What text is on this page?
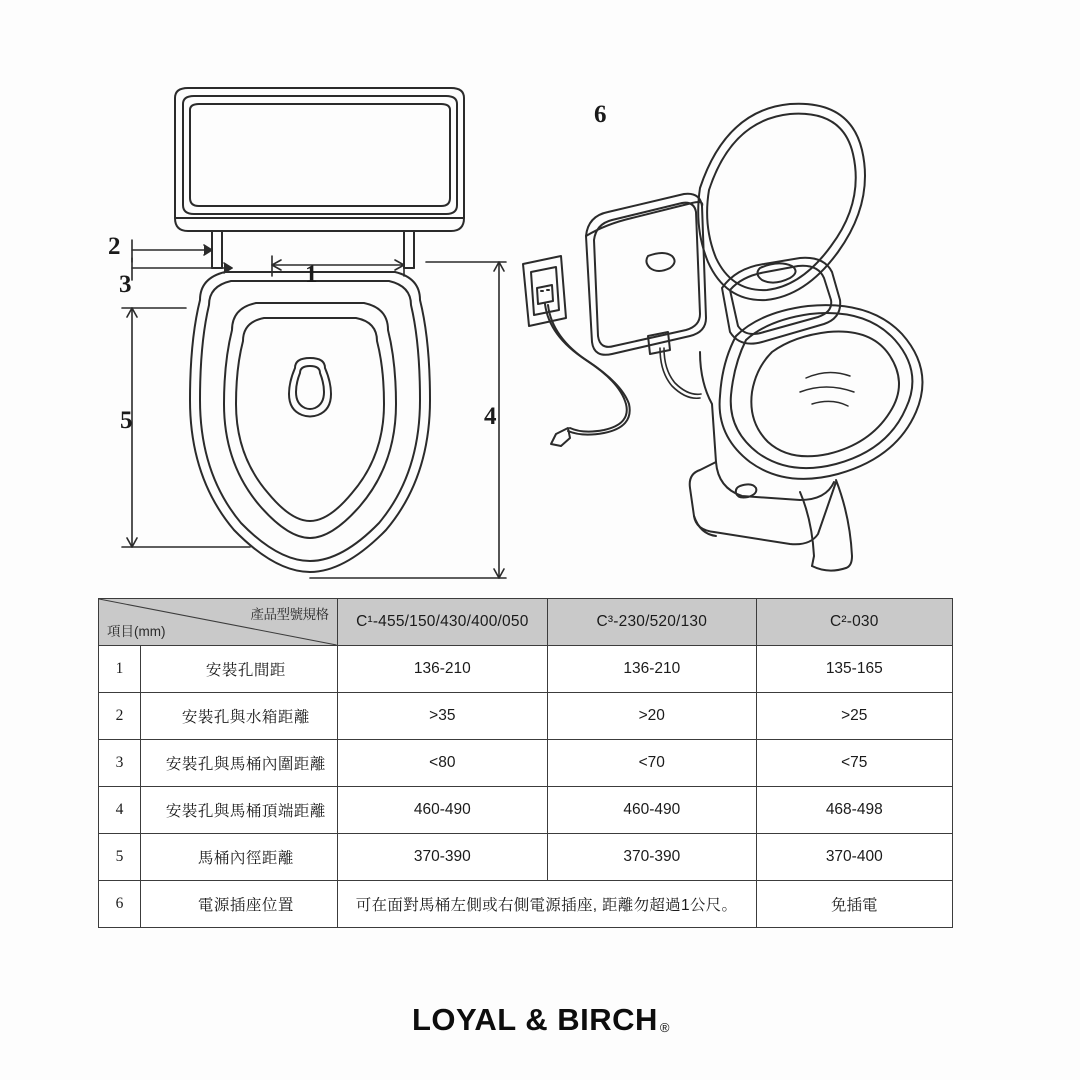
2
3	1
5	4
6
產品型號規格
項目(mm)		C¹-455/150/430/400/050	C³-230/520/130	C²-030
1	安裝孔間距	136-210	136-210	135-165
2	安裝孔與水箱距離	>35	>20	>25
3	安裝孔與馬桶內圍距離	<80	<70	<75
4	安裝孔與馬桶頂端距離	460-490	460-490	468-498
5	馬桶內徑距離	370-390	370-390	370-400
6	電源插座位置	可在面對馬桶左側或右側電源插座, 距離勿超過1公尺。		免插電
LOYAL & BIRCH ®
